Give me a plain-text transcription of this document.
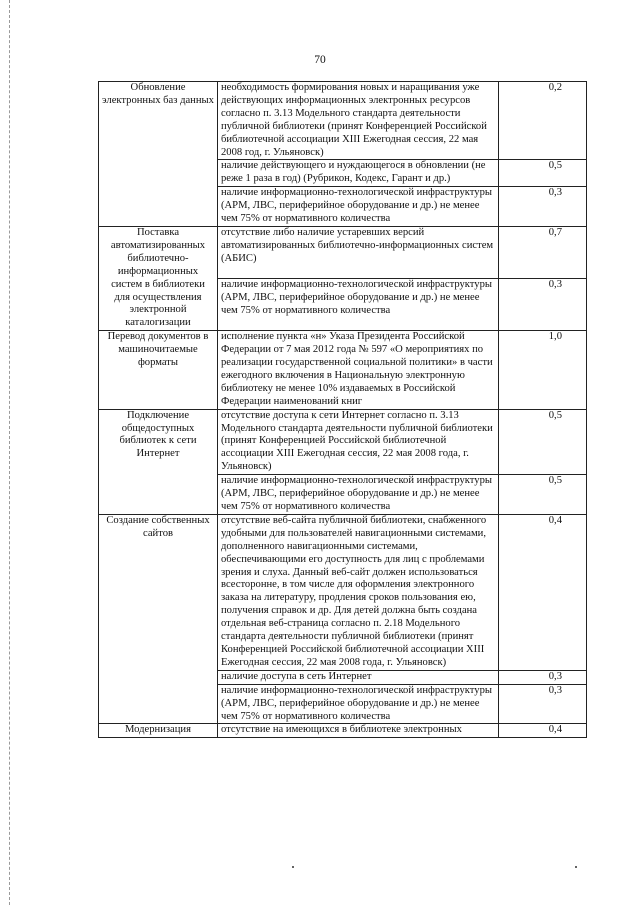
70
Обновление электронных баз данных	необходимость формирования новых и наращивания уже действующих информационных электронных ресурсов согласно п. 3.13 Модельного стандарта деятельности публичной библиотеки (принят Конференцией Российской библиотечной ассоциации XIII Ежегодная сессия, 22 мая 2008 год, г. Ульяновск)	0,2
	наличие действующего и нуждающегося в обновлении (не реже 1 раза в год) (Рубрикон, Кодекс, Гарант и др.)	0,5
	наличие информационно-технологической инфраструктуры (АРМ, ЛВС, периферийное оборудование и др.) не менее чем 75% от нормативного количества	0,3
Поставка автоматизированных библиотечно-информационных систем в библиотеки для осуществления электронной каталогизации	отсутствие либо наличие устаревших версий автоматизированных библиотечно-информационных систем (АБИС)	0,7
	наличие информационно-технологической инфраструктуры (АРМ, ЛВС, периферийное оборудование и др.) не менее чем 75% от нормативного количества	0,3
Перевод документов в машиночитаемые форматы	исполнение пункта «н» Указа Президента Российской Федерации от 7 мая 2012 года № 597 «О мероприятиях по реализации государственной социальной политики» в части ежегодного включения в Национальную электронную библиотеку не менее 10% издаваемых в Российской Федерации наименований книг	1,0
Подключение общедоступных библиотек к сети Интернет	отсутствие доступа к сети Интернет согласно п. 3.13 Модельного стандарта деятельности публичной библиотеки (принят Конференцией Российской библиотечной ассоциации XIII Ежегодная сессия, 22 мая 2008 года, г. Ульяновск)	0,5
	наличие информационно-технологической инфраструктуры (АРМ, ЛВС, периферийное оборудование и др.) не менее чем 75% от нормативного количества	0,5
Создание собственных сайтов	отсутствие веб-сайта публичной библиотеки, снабженного удобными для пользователей навигационными системами, дополненного навигационными системами, обеспечивающими его доступность для лиц с проблемами зрения и слуха. Данный веб-сайт должен использоваться всесторонне, в том числе для оформления электронного заказа на литературу, продления сроков пользования ею, получения справок и др. Для детей должна быть создана отдельная веб-страница согласно п. 2.18 Модельного стандарта деятельности публичной библиотеки (принят Конференцией Российской библиотечной ассоциации XIII Ежегодная сессия, 22 мая 2008 года, г. Ульяновск)	0,4
	наличие доступа в сеть Интернет	0,3
	наличие информационно-технологической инфраструктуры (АРМ, ЛВС, периферийное оборудование и др.) не менее чем 75% от нормативного количества	0,3
Модернизация	отсутствие на имеющихся в библиотеке электронных	0,4
